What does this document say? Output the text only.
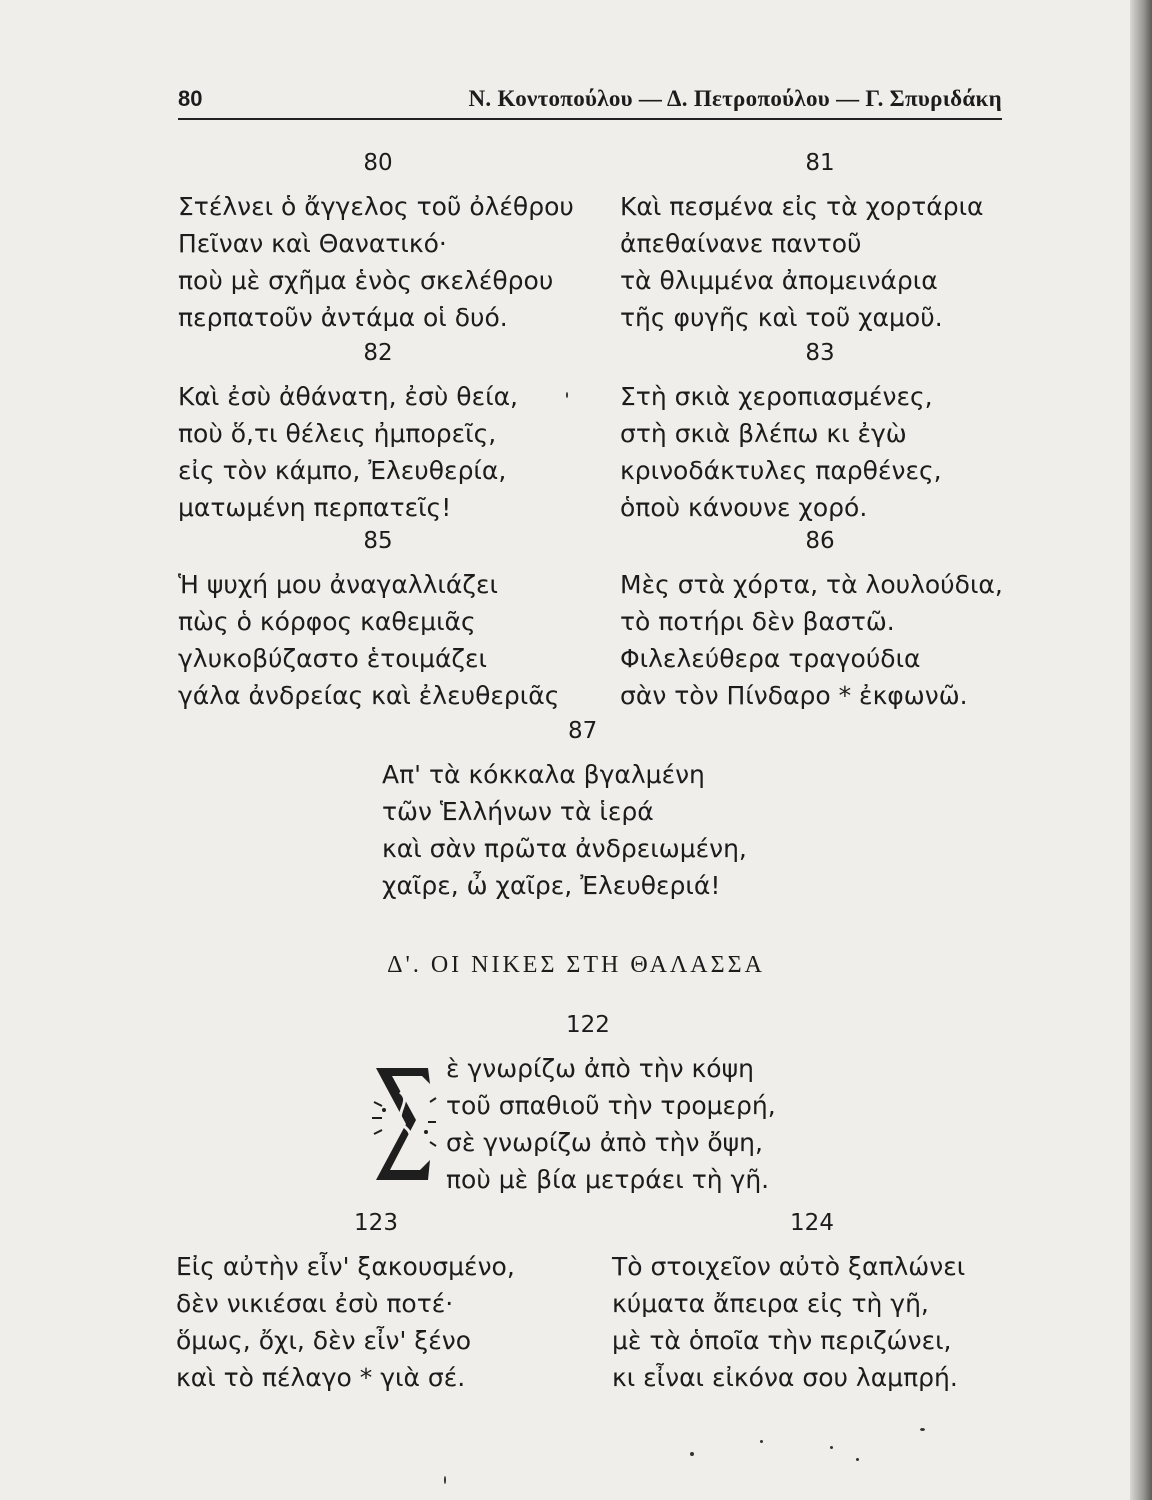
80	Ν. Κοντοπούλου — Δ. Πετροπούλου — Γ. Σπυριδάκη
80
Στέλνει ὁ ἄγγελος τοῦ ὀλέθρου
Πεῖναν καὶ Θανατικό·
ποὺ μὲ σχῆμα ἑνὸς σκελέθρου
περπατοῦν ἀντάμα οἱ δυό.
81
Καὶ πεσμένα εἰς τὰ χορτάρια
ἀπεθαίνανε παντοῦ
τὰ θλιμμένα ἀπομεινάρια
τῆς φυγῆς καὶ τοῦ χαμοῦ.
82
Καὶ ἐσὺ ἀθάνατη, ἐσὺ θεία,
ποὺ ὅ,τι θέλεις ἠμπορεῖς,
εἰς τὸν κάμπο, Ἐλευθερία,
ματωμένη περπατεῖς!
83
Στὴ σκιὰ χεροπιασμένες,
στὴ σκιὰ βλέπω κι ἐγὼ
κρινοδάκτυλες παρθένες,
ὁποὺ κάνουνε χορό.
85
Ἡ ψυχή μου ἀναγαλλιάζει
πὼς ὁ κόρφος καθεμιᾶς
γλυκοβύζαστο ἑτοιμάζει
γάλα ἀνδρείας καὶ ἐλευθεριᾶς
86
Μὲς στὰ χόρτα, τὰ λουλούδια,
τὸ ποτήρι δὲν βαστῶ.
Φιλελεύθερα τραγούδια
σὰν τὸν Πίνδαρο * ἐκφωνῶ.
87
Απ' τὰ κόκκαλα βγαλμένη
τῶν Ἑλλήνων τὰ ἱερά
καὶ σὰν πρῶτα ἀνδρειωμένη,
χαῖρε, ὦ χαῖρε, Ἐλευθεριά!
Δ'. ΟΙ ΝΙΚΕΣ ΣΤΗ ΘΑΛΑΣΣΑ
122
ὲ γνωρίζω ἀπὸ τὴν κόψη
τοῦ σπαθιοῦ τὴν τρομερή,
σὲ γνωρίζω ἀπὸ τὴν ὄψη,
ποὺ μὲ βία μετράει τὴ γῆ.
Σ
123
Εἰς αὐτὴν εἶν' ξακουσμένο,
δὲν νικιέσαι ἐσὺ ποτέ·
ὅμως, ὄχι, δὲν εἶν' ξένο
καὶ τὸ πέλαγο * γιὰ σέ.
124
Τὸ στοιχεῖον αὐτὸ ξαπλώνει
κύματα ἄπειρα εἰς τὴ γῆ,
μὲ τὰ ὁποῖα τὴν περιζώνει,
κι εἶναι εἰκόνα σου λαμπρή.
